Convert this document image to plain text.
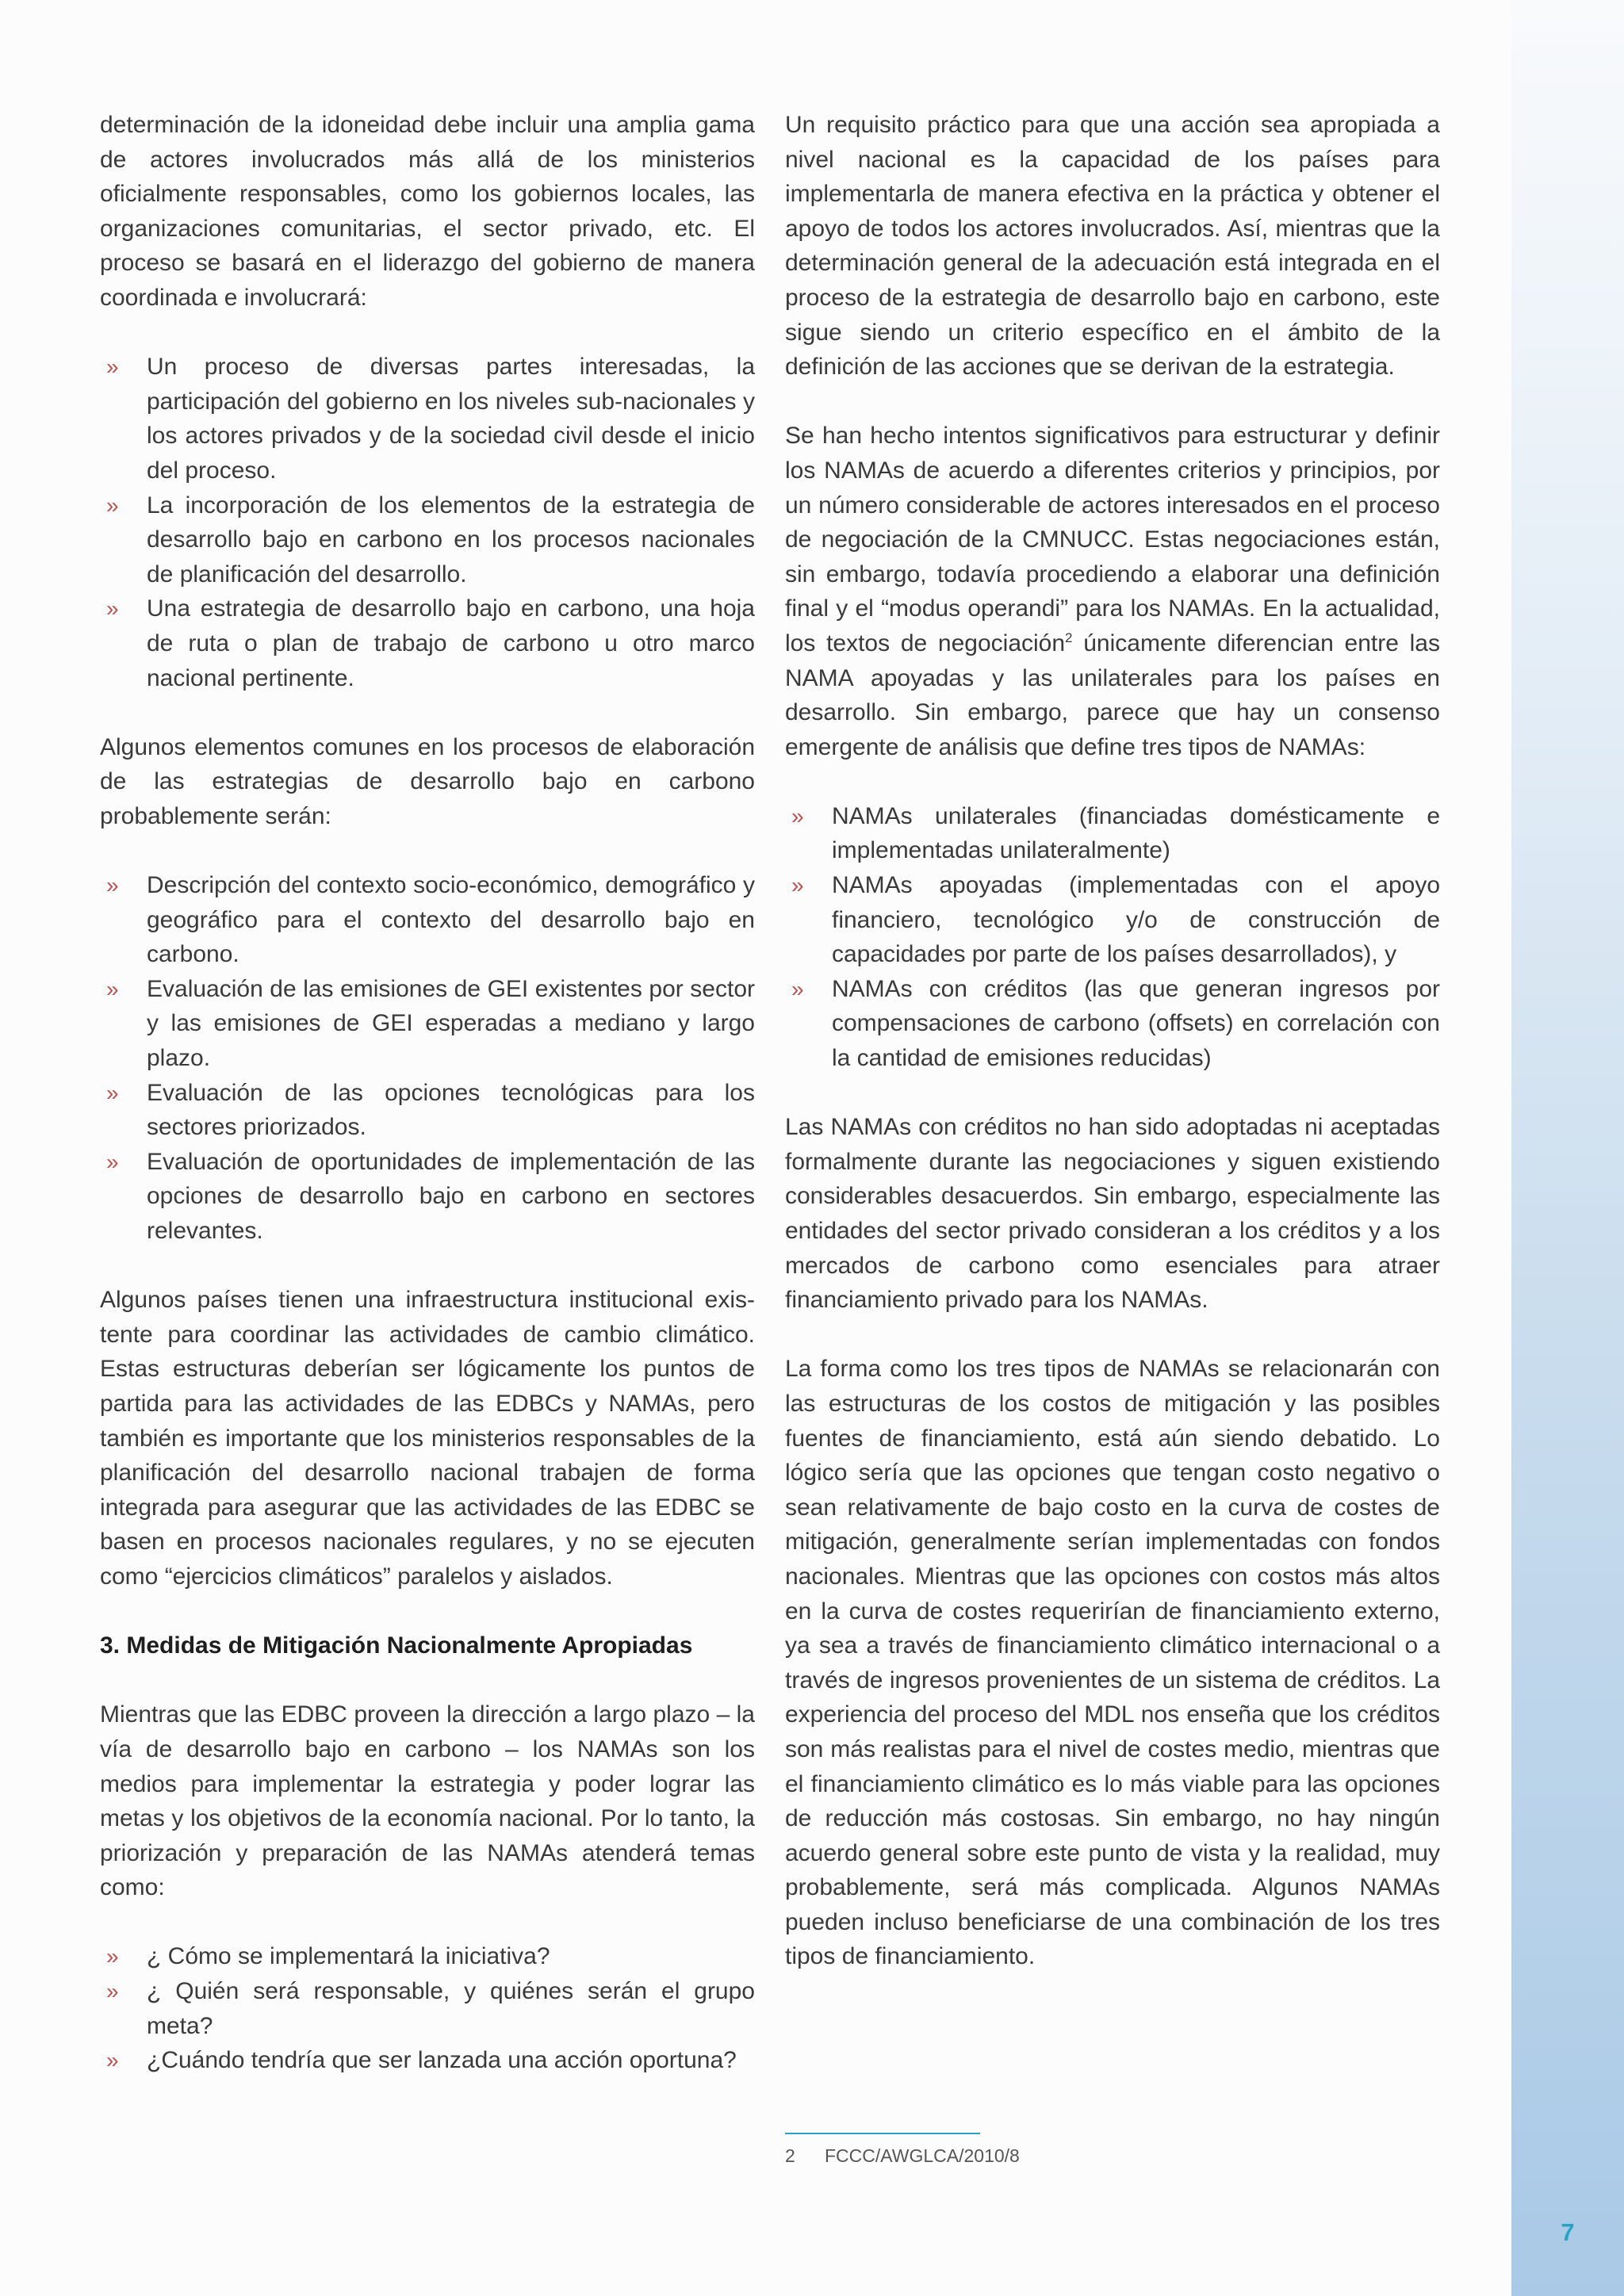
determinación de la idoneidad debe incluir una amplia gama de actores involucrados más allá de los ministerios oficialmente responsables, como los gobiernos locales, las organizaciones comunitarias, el sector privado, etc. El proceso se basará en el liderazgo del gobierno de manera coordinada e involucrará:

» Un proceso de diversas partes interesadas, la participación del gobierno en los niveles sub-nacionales y los actores privados y de la sociedad civil desde el inicio del proceso.
» La incorporación de los elementos de la estrategia de desarrollo bajo en carbono en los procesos nacionales de planificación del desarrollo.
» Una estrategia de desarrollo bajo en carbono, una hoja de ruta o plan de trabajo de carbono u otro marco nacional pertinente.

Algunos elementos comunes en los procesos de elaboración de las estrategias de desarrollo bajo en carbono probablemente serán:

» Descripción del contexto socio-económico, demográfico y geográfico para el contexto del desarrollo bajo en carbono.
» Evaluación de las emisiones de GEI existentes por sector y las emisiones de GEI esperadas a mediano y largo plazo.
» Evaluación de las opciones tecnológicas para los sectores priorizados.
» Evaluación de oportunidades de implementación de las opciones de desarrollo bajo en carbono en sectores relevantes.

Algunos países tienen una infraestructura institucional exis-tente para coordinar las actividades de cambio climático. Estas estructuras deberían ser lógicamente los puntos de partida para las actividades de las EDBCs y NAMAs, pero también es importante que los ministerios responsables de la planificación del desarrollo nacional trabajen de forma integrada para asegurar que las actividades de las EDBC se basen en procesos nacionales regulares, y no se ejecuten como “ejercicios climáticos” paralelos y aislados.

3. Medidas de Mitigación Nacionalmente Apropiadas

Mientras que las EDBC proveen la dirección a largo plazo – la vía de desarrollo bajo en carbono – los NAMAs son los medios para implementar la estrategia y poder lograr las metas y los objetivos de la economía nacional. Por lo tanto, la priorización y preparación de las NAMAs atenderá temas como:

» ¿ Cómo se implementará la iniciativa?
» ¿ Quién será responsable, y quiénes serán el grupo meta?
» ¿Cuándo tendría que ser lanzada una acción oportuna?

Un requisito práctico para que una acción sea apropiada a nivel nacional es la capacidad de los países para implementarla de manera efectiva en la práctica y obtener el apoyo de todos los actores involucrados. Así, mientras que la determinación general de la adecuación está integrada en el proceso de la estrategia de desarrollo bajo en carbono, este sigue siendo un criterio específico en el ámbito de la definición de las acciones que se derivan de la estrategia.

Se han hecho intentos significativos para estructurar y definir los NAMAs de acuerdo a diferentes criterios y principios, por un número considerable de actores interesados en el proceso de negociación de la CMNUCC. Estas negociaciones están, sin embargo, todavía procediendo a elaborar una definición final y el “modus operandi” para los NAMAs. En la actualidad, los textos de negociación$^2$ únicamente diferencian entre las NAMA apoyadas y las unilaterales para los países en desarrollo. Sin embargo, parece que hay un consenso emergente de análisis que define tres tipos de NAMAs:

» NAMAs unilaterales (financiadas domésticamente e implementadas unilateralmente)
» NAMAs apoyadas (implementadas con el apoyo financiero, tecnológico y/o de construcción de capacidades por parte de los países desarrollados), y
» NAMAs con créditos (las que generan ingresos por compensaciones de carbono (offsets) en correlación con la cantidad de emisiones reducidas)

Las NAMAs con créditos no han sido adoptadas ni aceptadas formalmente durante las negociaciones y siguen existiendo considerables desacuerdos. Sin embargo, especialmente las entidades del sector privado consideran a los créditos y a los mercados de carbono como esenciales para atraer financiamiento privado para los NAMAs.

La forma como los tres tipos de NAMAs se relacionarán con las estructuras de los costos de mitigación y las posibles fuentes de financiamiento, está aún siendo debatido. Lo lógico sería que las opciones que tengan costo negativo o sean relativamente de bajo costo en la curva de costes de mitigación, generalmente serían implementadas con fondos nacionales. Mientras que las opciones con costos más altos en la curva de costes requerirían de financiamiento externo, ya sea a través de financiamiento climático internacional o a través de ingresos provenientes de un sistema de créditos. La experiencia del proceso del MDL nos enseña que los créditos son más realistas para el nivel de costes medio, mientras que el financiamiento climático es lo más viable para las opciones de reducción más costosas. Sin embargo, no hay ningún acuerdo general sobre este punto de vista y la realidad, muy probablemente, será más complicada. Algunos NAMAs pueden incluso beneficiarse de una combinación de los tres tipos de financiamiento.

2 FCCC/AWGLCA/2010/8
7
